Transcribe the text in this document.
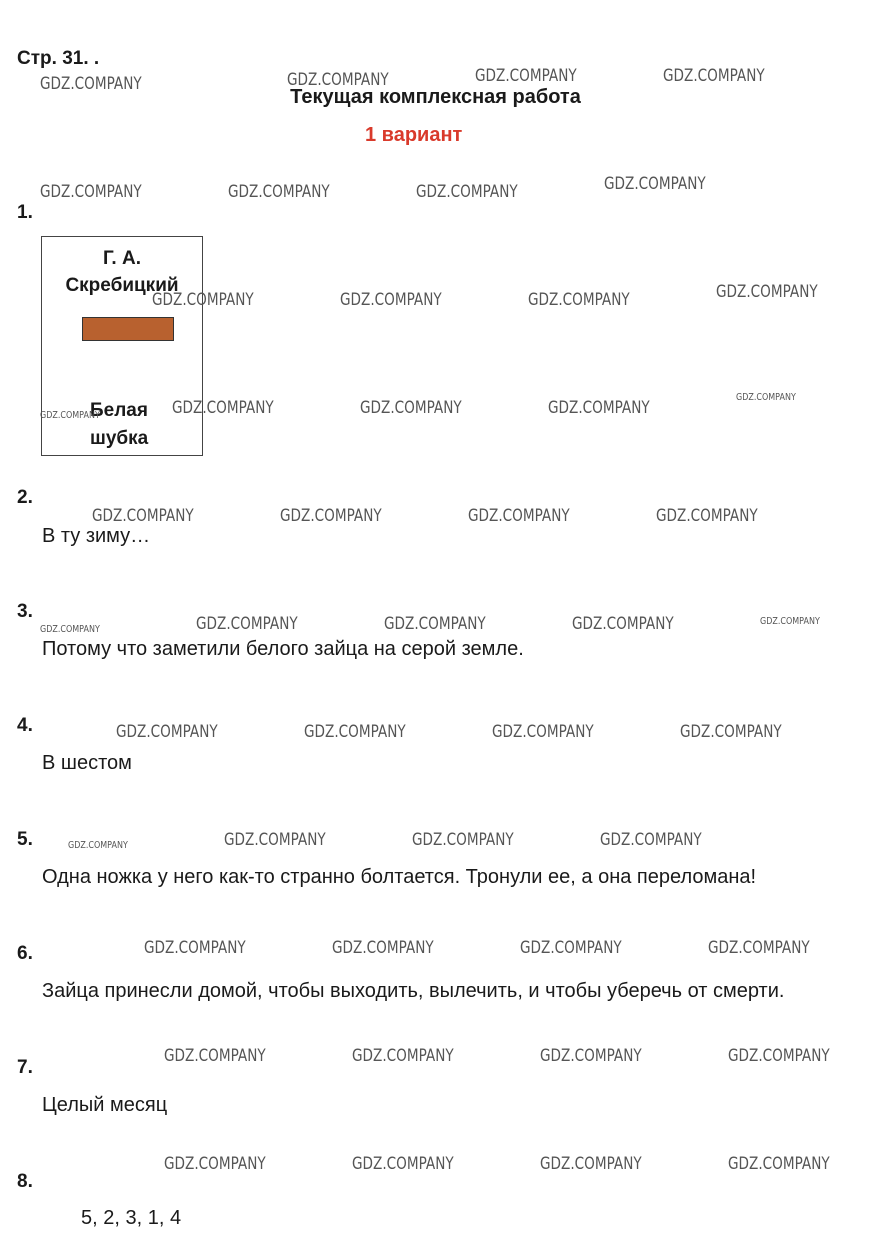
Стр. 31. .
Текущая комплексная работа
1 вариант
1.
Г. А.
Скребицкий
Белая
шубка
2.
В ту зиму…
3.
Потому что заметили белого зайца на серой земле.
4.
В шестом
5.
Одна ножка у него как-то странно болтается. Тронули ее, а она переломана!
6.
Зайца принесли домой, чтобы выходить, вылечить, и чтобы уберечь от смерти.
7.
Целый месяц
8.
5, 2, 3, 1, 4
GDZ.COMPANY	GDZ.COMPANY	GDZ.COMPANY	GDZ.COMPANY
GDZ.COMPANY	GDZ.COMPANY	GDZ.COMPANY	GDZ.COMPANY
GDZ.COMPANY	GDZ.COMPANY	GDZ.COMPANY	GDZ.COMPANY
GDZ.COMPANY	GDZ.COMPANY	GDZ.COMPANY	GDZ.COMPANY
GDZ.COMPANY
GDZ.COMPANY	GDZ.COMPANY	GDZ.COMPANY	GDZ.COMPANY
GDZ.COMPANY	GDZ.COMPANY	GDZ.COMPANY	GDZ.COMPANY	GDZ.COMPANY
GDZ.COMPANY	GDZ.COMPANY	GDZ.COMPANY	GDZ.COMPANY
GDZ.COMPANY	GDZ.COMPANY	GDZ.COMPANY	GDZ.COMPANY
GDZ.COMPANY	GDZ.COMPANY	GDZ.COMPANY	GDZ.COMPANY
GDZ.COMPANY	GDZ.COMPANY	GDZ.COMPANY	GDZ.COMPANY
GDZ.COMPANY	GDZ.COMPANY	GDZ.COMPANY	GDZ.COMPANY
